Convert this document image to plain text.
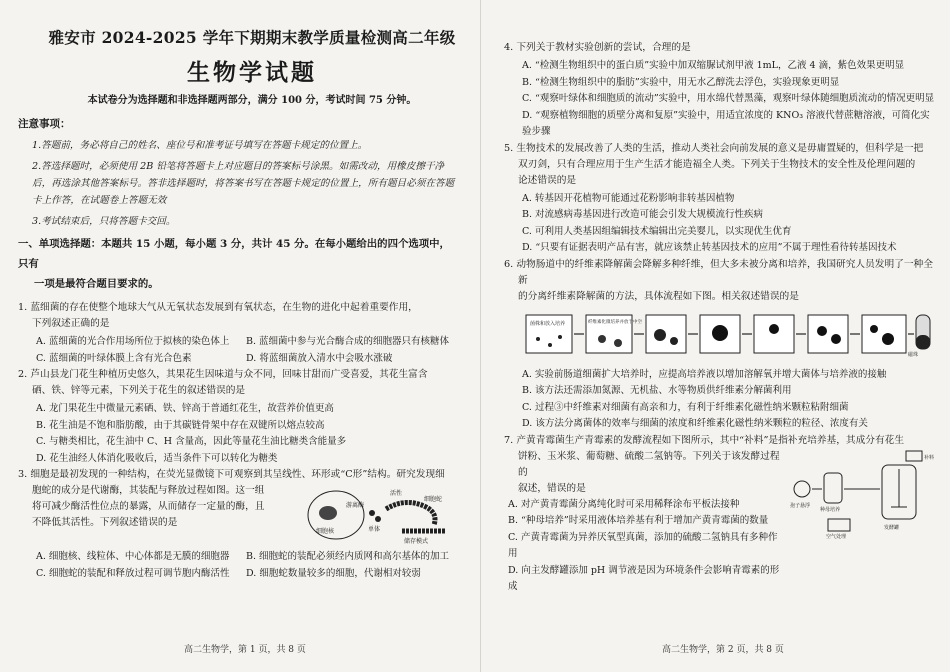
雅安市 2024-2025 学年下期期末教学质量检测高二年级
生物学试题
本试卷分为选择题和非选择题两部分，满分 100 分，考试时间 75 分钟。
注意事项：
1.答题前，务必将自己的姓名、座位号和准考证号填写在答题卡规定的位置上。
2.答选择题时，必须使用 2B 铅笔将答题卡上对应题目的答案标号涂黑。如需改动，用橡皮擦干净后，再选涂其他答案标号。答非选择题时，将答案书写在答题卡规定的位置上，所有题目必须在答题卡上作答，在试题卷上答题无效
3.考试结束后，只将答题卡交回。
一、单项选择题：本题共 15 小题，每小题 3 分，共计 45 分。在每小题给出的四个选项中，只有
一项是最符合题目要求的。
1. 蓝细菌的存在使整个地球大气从无氧状态发展到有氧状态，在生物的进化中起着重要作用，
下列叙述正确的是
A. 蓝细菌的光合作用场所位于拟核的染色体上	B. 蓝细菌中参与光合酶合成的细胞器只有核糖体
C. 蓝细菌的叶绿体膜上含有光合色素	D. 将蓝细菌放入清水中会吸水涨破
2. 芦山县龙门花生种植历史悠久，其果花生因味道与众不同，回味甘甜而广受喜爱，其花生富含
硒、铁、锌等元素，下列关于花生的叙述错误的是
A. 龙门果花生中微量元素硒、铁、锌高于普通红花生，故营养价值更高
B. 花生油是不饱和脂肪酸，由于其碳链骨架中存在双键所以熔点较高
C. 与糖类相比，花生油中 C、H 含量高，因此等量花生油比糖类含能量多
D. 花生油经人体消化吸收后，适当条件下可以转化为糖类
3. 细胞是最初发现的一种结构，在荧光显微镜下可观察到其呈线性、环形或“C形”结构。研究发现细
胞蛇的成分是代谢酶，其装配与释放过程如图。这一组
将可减少酶活性位点的暴露，从而储存一定量的酶，且
不降低其活性。下列叙述错误的是
细胞核
游离酶
单体
活性
细胞蛇
储存模式
A. 细胞核、线粒体、中心体都是无膜的细胞器	B. 细胞蛇的装配必须经内质网和高尔基体的加工
C. 细胞蛇的装配和释放过程可调节胞内酶活性	D. 细胞蛇数量较多的细胞，代谢相对较弱
4. 下列关于教材实验创新的尝试，合理的是
A. “检测生物组织中的蛋白质”实验中加双缩脲试剂甲液 1mL，乙液 4 滴，紫色效果更明显
B. “检测生物组织中的脂肪”实验中，用无水乙醇洗去浮色，实验现象更明显
C. “观察叶绿体和细胞质的流动”实验中，用水绵代替黑藻，观察叶绿体随细胞质流动的情况更明显
D. “观察植物细胞的质壁分离和复原”实验中，用适宜浓度的 KNO₃ 溶液代替蔗糖溶液，可简化实验步骤
5. 生物技术的发展改善了人类的生活，推动人类社会向前发展的意义是毋庸置疑的，但科学是一把
双刃剑，只有合理应用于生产生活才能造福全人类。下列关于生物技术的安全性及伦理问题的
论述错误的是
A. 转基因开花植物可能通过花粉影响非转基因植物
B. 对流感病毒基因进行改造可能会引发大规模流行性疾病
C. 可利用人类基因组编辑技术编辑出完美婴儿，以实现优生优育
D. “只要有证据表明产品有害，就应该禁止转基因技术的应用”不属于理性看待转基因技术
6. 动物肠道中的纤维素降解菌会降解多种纤维，但大多未被分离和培养，我国研究人员发明了一种全新
的分离纤维素降解菌的方法，具体流程如下图。相关叙述错误的是
菌株和放入培养	纤维素化微培养并放于中空
磁珠
A. 实验前肠道细菌扩大培养时，应提高培养液以增加溶解氧并增大菌体与培养液的接触
B. 该方法还需添加氮源、无机盐、水等物质供纤维素分解菌利用
C. 过程③中纤维素对细菌有高亲和力，有利于纤维素化磁性纳米颗粒粘附细菌
D. 该方法分离菌体的效率与细菌的浓度和纤维素化磁性纳米颗粒的粒径、浓度有关
7. 产黄青霉菌生产青霉素的发酵流程如下图所示，其中“补料”是指补充培养基，其成分有花生
饼粉、玉米浆、葡萄糖、硫酸二氢钠等。下列关于该发酵过程的
叙述，错误的是
A. 对产黄青霉菌分离纯化时可采用稀释涂布平板法接种
B. “种母培养”时采用液体培养基有利于增加产黄青霉菌的数量
C. 产黄青霉菌为异养厌氧型真菌，添加的硫酸二氢钠具有多种作用
D. 向主发酵罐添加 pH 调节液是因为环境条件会影响青霉素的形成
孢子悬浮
种母培养
空气处理
发酵罐
补料
高二生物学，第 1 页，共 8 页	高二生物学，第 2 页，共 8 页
